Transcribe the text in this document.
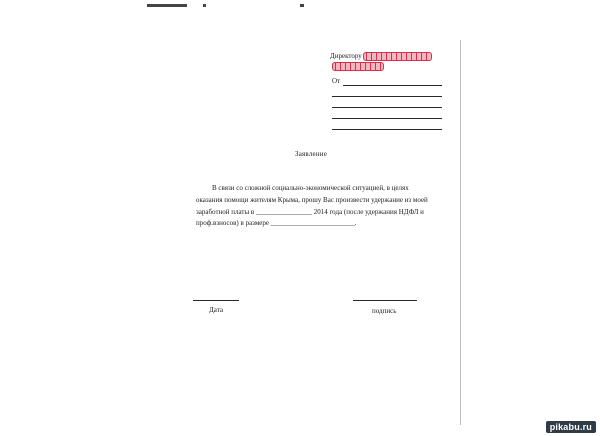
Директору
От
Заявление
В связи со сложной социально-экономической ситуацией, в целях
оказания помощи жителям Крыма, прошу Вас произвести удержание из моей
заработной платы в ________________ 2014 года (после удержания НДФЛ и
проф.взносов) в размере ________________________.
Дата	подпись
pikabu.ru
